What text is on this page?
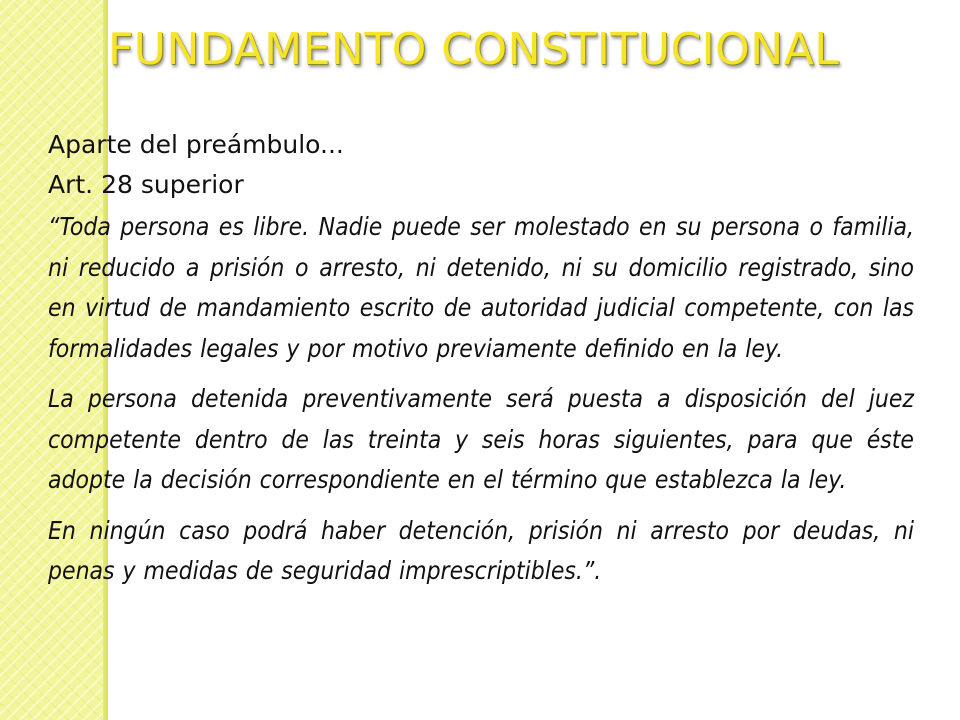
FUNDAMENTO CONSTITUCIONAL

Aparte del preámbulo...

Art. 28 superior

“Toda persona es libre. Nadie puede ser molestado en su persona o familia, ni reducido a prisión o arresto, ni detenido, ni su domicilio registrado, sino en virtud de mandamiento escrito de autoridad judicial competente, con las formalidades legales y por motivo previamente definido en la ley.

La persona detenida preventivamente será puesta a disposición del juez competente dentro de las treinta y seis horas siguientes, para que éste adopte la decisión correspondiente en el término que establezca la ley.

En ningún caso podrá haber detención, prisión ni arresto por deudas, ni penas y medidas de seguridad imprescriptibles.”.
